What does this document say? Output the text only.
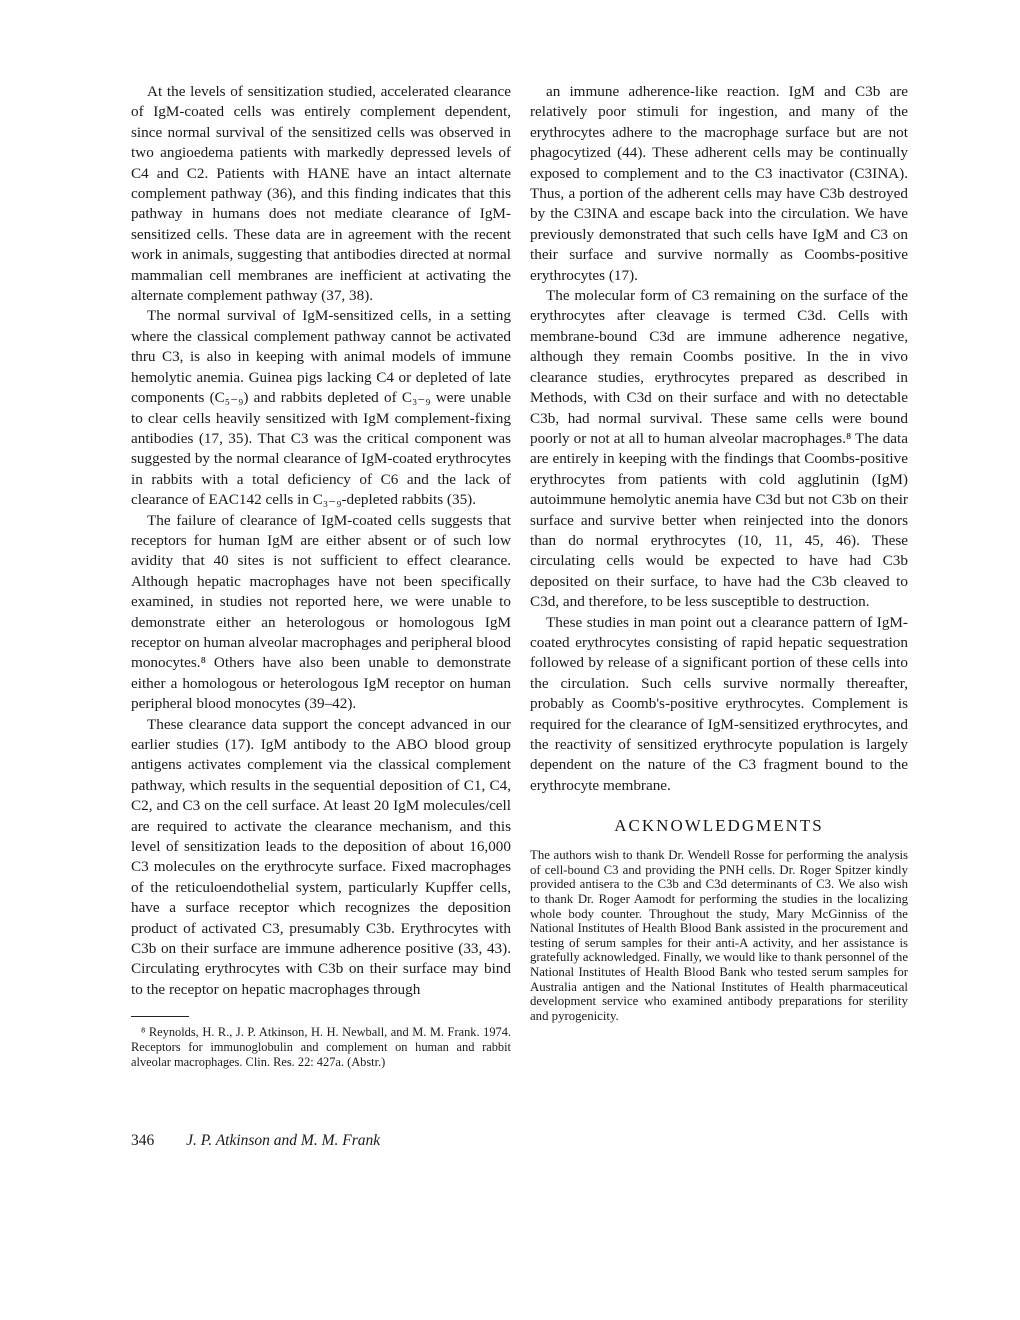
At the levels of sensitization studied, accelerated clearance of IgM-coated cells was entirely complement dependent, since normal survival of the sensitized cells was observed in two angioedema patients with markedly depressed levels of C4 and C2. Patients with HANE have an intact alternate complement pathway (36), and this finding indicates that this pathway in humans does not mediate clearance of IgM-sensitized cells. These data are in agreement with the recent work in animals, suggesting that antibodies directed at normal mammalian cell membranes are inefficient at activating the alternate complement pathway (37, 38).

The normal survival of IgM-sensitized cells, in a setting where the classical complement pathway cannot be activated thru C3, is also in keeping with animal models of immune hemolytic anemia. Guinea pigs lacking C4 or depleted of late components (C₅₋₉) and rabbits depleted of C₃₋₉ were unable to clear cells heavily sensitized with IgM complement-fixing antibodies (17, 35). That C3 was the critical component was suggested by the normal clearance of IgM-coated erythrocytes in rabbits with a total deficiency of C6 and the lack of clearance of EAC142 cells in C₃₋₉-depleted rabbits (35).

The failure of clearance of IgM-coated cells suggests that receptors for human IgM are either absent or of such low avidity that 40 sites is not sufficient to effect clearance. Although hepatic macrophages have not been specifically examined, in studies not reported here, we were unable to demonstrate either an heterologous or homologous IgM receptor on human alveolar macrophages and peripheral blood monocytes.⁸ Others have also been unable to demonstrate either a homologous or heterologous IgM receptor on human peripheral blood monocytes (39–42).

These clearance data support the concept advanced in our earlier studies (17). IgM antibody to the ABO blood group antigens activates complement via the classical complement pathway, which results in the sequential deposition of C1, C4, C2, and C3 on the cell surface. At least 20 IgM molecules/cell are required to activate the clearance mechanism, and this level of sensitization leads to the deposition of about 16,000 C3 molecules on the erythrocyte surface. Fixed macrophages of the reticuloendothelial system, particularly Kupffer cells, have a surface receptor which recognizes the deposition product of activated C3, presumably C3b. Erythrocytes with C3b on their surface are immune adherence positive (33, 43). Circulating erythrocytes with C3b on their surface may bind to the receptor on hepatic macrophages through

⁸ Reynolds, H. R., J. P. Atkinson, H. H. Newball, and M. M. Frank. 1974. Receptors for immunoglobulin and complement on human and rabbit alveolar macrophages. Clin. Res. 22: 427a. (Abstr.)

an immune adherence-like reaction. IgM and C3b are relatively poor stimuli for ingestion, and many of the erythrocytes adhere to the macrophage surface but are not phagocytized (44). These adherent cells may be continually exposed to complement and to the C3 inactivator (C3INA). Thus, a portion of the adherent cells may have C3b destroyed by the C3INA and escape back into the circulation. We have previously demonstrated that such cells have IgM and C3 on their surface and survive normally as Coombs-positive erythrocytes (17).

The molecular form of C3 remaining on the surface of the erythrocytes after cleavage is termed C3d. Cells with membrane-bound C3d are immune adherence negative, although they remain Coombs positive. In the in vivo clearance studies, erythrocytes prepared as described in Methods, with C3d on their surface and with no detectable C3b, had normal survival. These same cells were bound poorly or not at all to human alveolar macrophages.⁸ The data are entirely in keeping with the findings that Coombs-positive erythrocytes from patients with cold agglutinin (IgM) autoimmune hemolytic anemia have C3d but not C3b on their surface and survive better when reinjected into the donors than do normal erythrocytes (10, 11, 45, 46). These circulating cells would be expected to have had C3b deposited on their surface, to have had the C3b cleaved to C3d, and therefore, to be less susceptible to destruction.

These studies in man point out a clearance pattern of IgM-coated erythrocytes consisting of rapid hepatic sequestration followed by release of a significant portion of these cells into the circulation. Such cells survive normally thereafter, probably as Coomb's-positive erythrocytes. Complement is required for the clearance of IgM-sensitized erythrocytes, and the reactivity of sensitized erythrocyte population is largely dependent on the nature of the C3 fragment bound to the erythrocyte membrane.

ACKNOWLEDGMENTS

The authors wish to thank Dr. Wendell Rosse for performing the analysis of cell-bound C3 and providing the PNH cells. Dr. Roger Spitzer kindly provided antisera to the C3b and C3d determinants of C3. We also wish to thank Dr. Roger Aamodt for performing the studies in the localizing whole body counter. Throughout the study, Mary McGinniss of the National Institutes of Health Blood Bank assisted in the procurement and testing of serum samples for their anti-A activity, and her assistance is gratefully acknowledged. Finally, we would like to thank personnel of the National Institutes of Health Blood Bank who tested serum samples for Australia antigen and the National Institutes of Health pharmaceutical development service who examined antibody preparations for sterility and pyrogenicity.

346 J. P. Atkinson and M. M. Frank
